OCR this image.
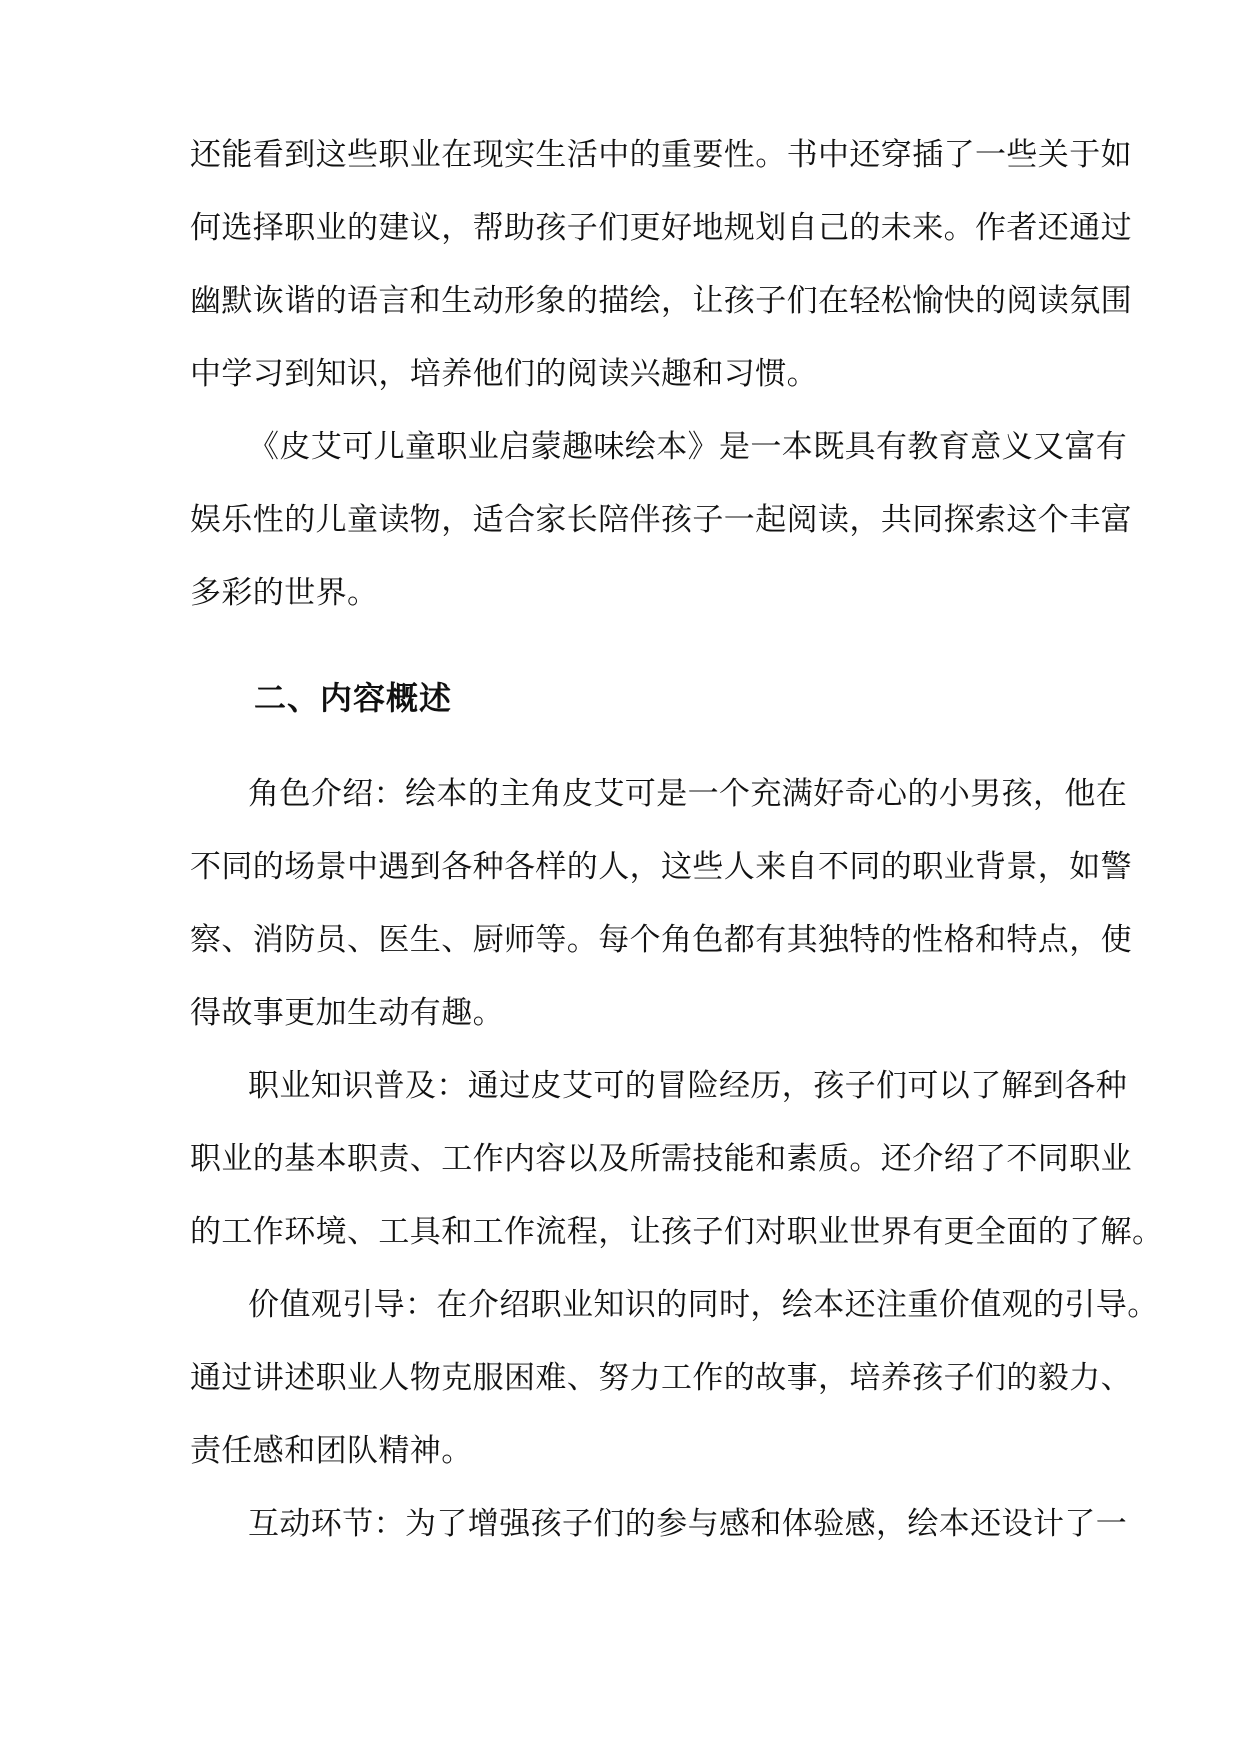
还能看到这些职业在现实生活中的重要性。书中还穿插了一些关于如
何选择职业的建议，帮助孩子们更好地规划自己的未来。作者还通过
幽默诙谐的语言和生动形象的描绘，让孩子们在轻松愉快的阅读氛围
中学习到知识，培养他们的阅读兴趣和习惯。
《皮艾可儿童职业启蒙趣味绘本》是一本既具有教育意义又富有
娱乐性的儿童读物，适合家长陪伴孩子一起阅读，共同探索这个丰富
多彩的世界。
二、内容概述
角色介绍：绘本的主角皮艾可是一个充满好奇心的小男孩，他在
不同的场景中遇到各种各样的人，这些人来自不同的职业背景，如警
察、消防员、医生、厨师等。每个角色都有其独特的性格和特点，使
得故事更加生动有趣。
职业知识普及：通过皮艾可的冒险经历，孩子们可以了解到各种
职业的基本职责、工作内容以及所需技能和素质。还介绍了不同职业
的工作环境、工具和工作流程，让孩子们对职业世界有更全面的了解。
价值观引导：在介绍职业知识的同时，绘本还注重价值观的引导。
通过讲述职业人物克服困难、努力工作的故事，培养孩子们的毅力、
责任感和团队精神。
互动环节：为了增强孩子们的参与感和体验感，绘本还设计了一
